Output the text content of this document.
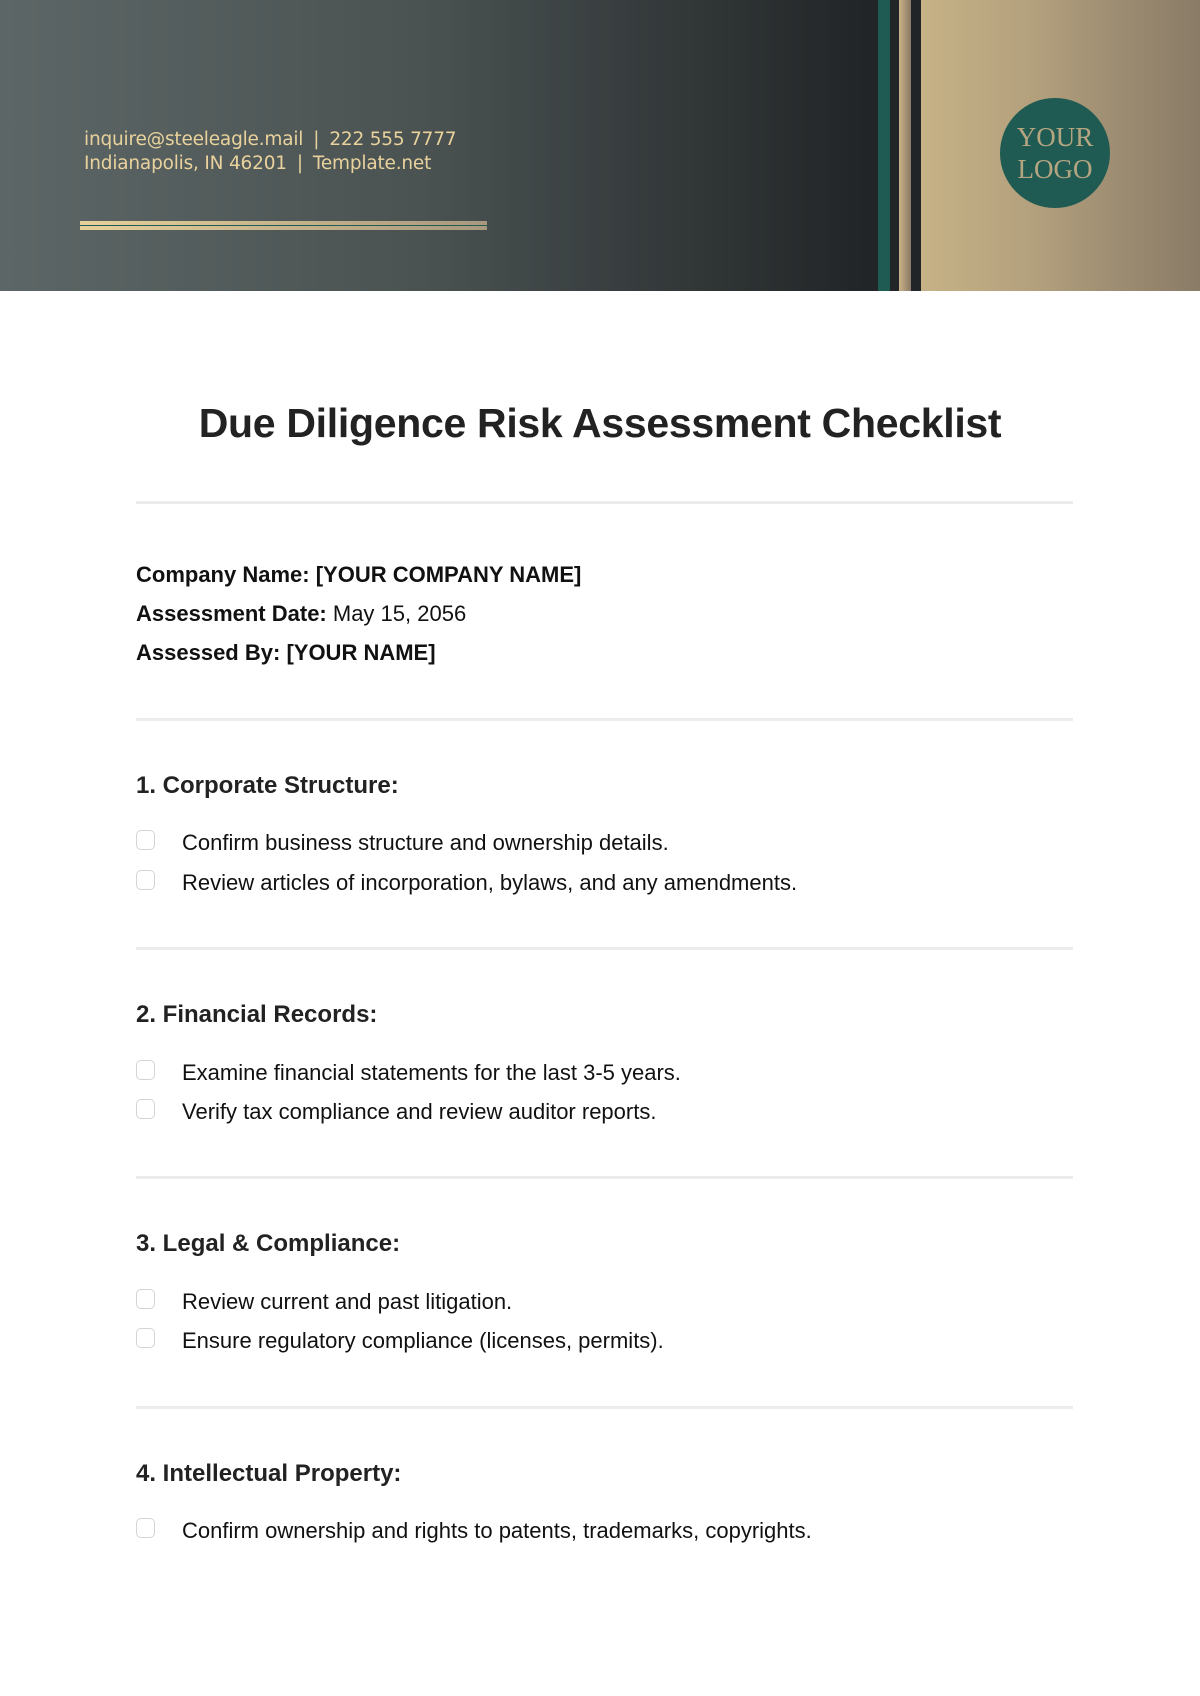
inquire@steeleagle.mail | 222 555 7777
Indianapolis, IN 46201 | Template.net
YOUR
LOGO
Due Diligence Risk Assessment Checklist
Company Name: [YOUR COMPANY NAME]
Assessment Date: May 15, 2056
Assessed By: [YOUR NAME]
1. Corporate Structure:
Confirm business structure and ownership details.
Review articles of incorporation, bylaws, and any amendments.
2. Financial Records:
Examine financial statements for the last 3-5 years.
Verify tax compliance and review auditor reports.
3. Legal & Compliance:
Review current and past litigation.
Ensure regulatory compliance (licenses, permits).
4. Intellectual Property:
Confirm ownership and rights to patents, trademarks, copyrights.
